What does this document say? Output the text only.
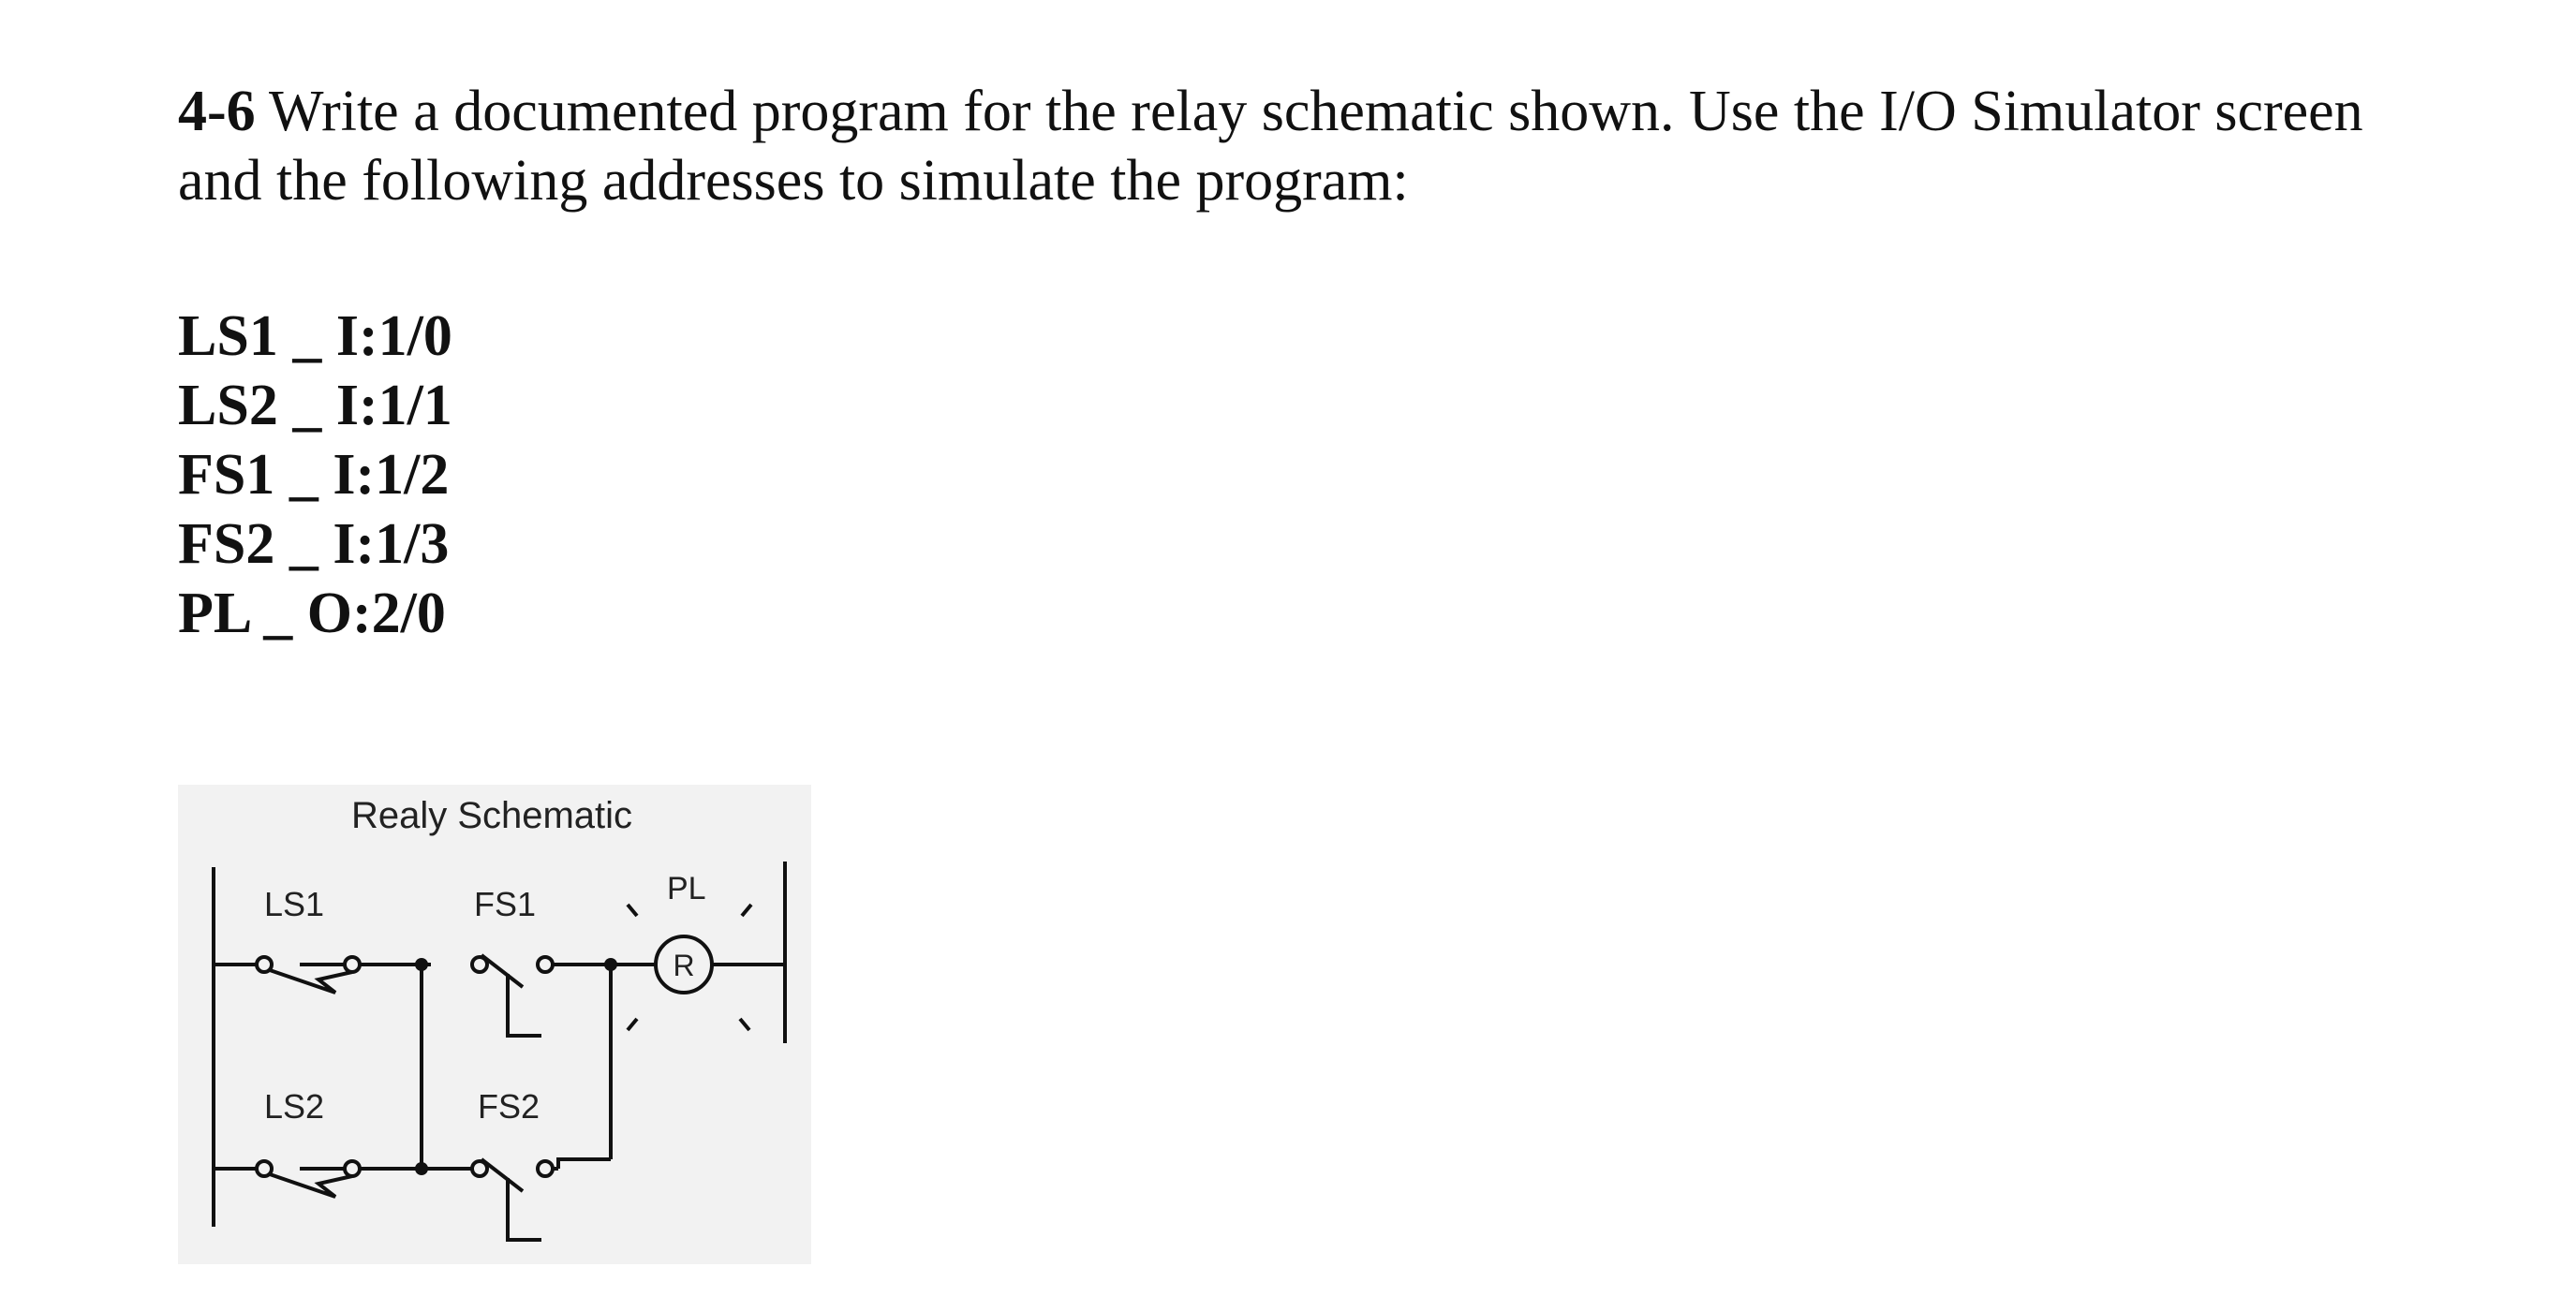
4-6 Write a documented program for the relay schematic shown. Use the I/O Simulator screen and the following addresses to simulate the program:
LS1 _ I:1/0
LS2 _ I:1/1
FS1 _ I:1/2
FS2 _ I:1/3
PL _ O:2/0
Realy Schematic
LS1	FS1	PL
R
LS2	FS2
